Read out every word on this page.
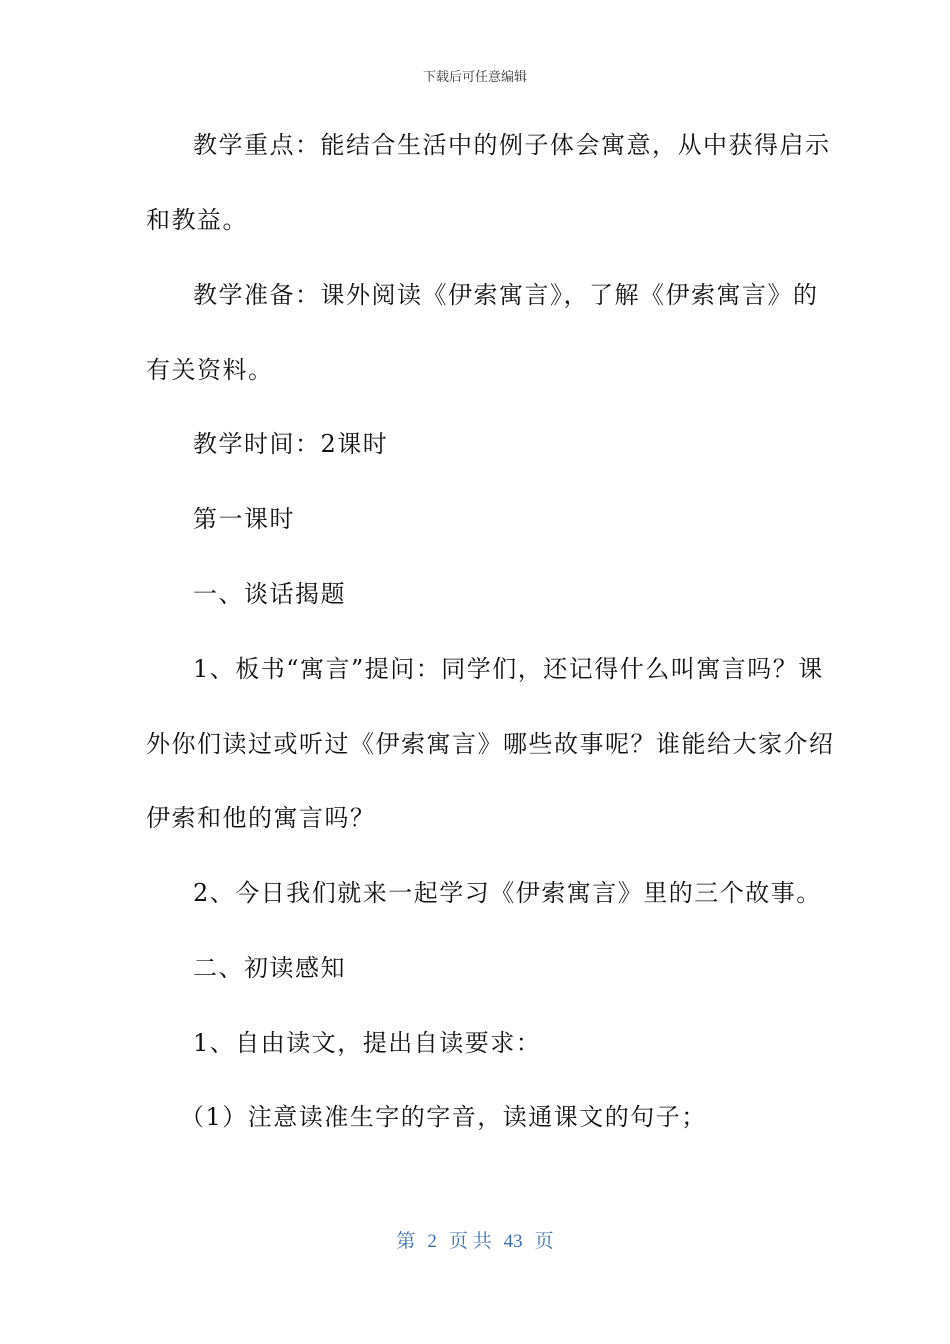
下载后可任意编辑
教学重点：能结合生活中的例子体会寓意，从中获得启示
和教益。
教学准备：课外阅读《伊索寓言》，了解《伊索寓言》的
有关资料。
教学时间：2课时
第一课时
一、谈话揭题
1、板书“寓言”提问：同学们，还记得什么叫寓言吗？课
外你们读过或听过《伊索寓言》哪些故事呢？谁能给大家介绍
伊索和他的寓言吗？
2、今日我们就来一起学习《伊索寓言》里的三个故事。
二、初读感知
1、自由读文，提出自读要求：
（1）注意读准生字的字音，读通课文的句子；
第 2 页 共 43 页
